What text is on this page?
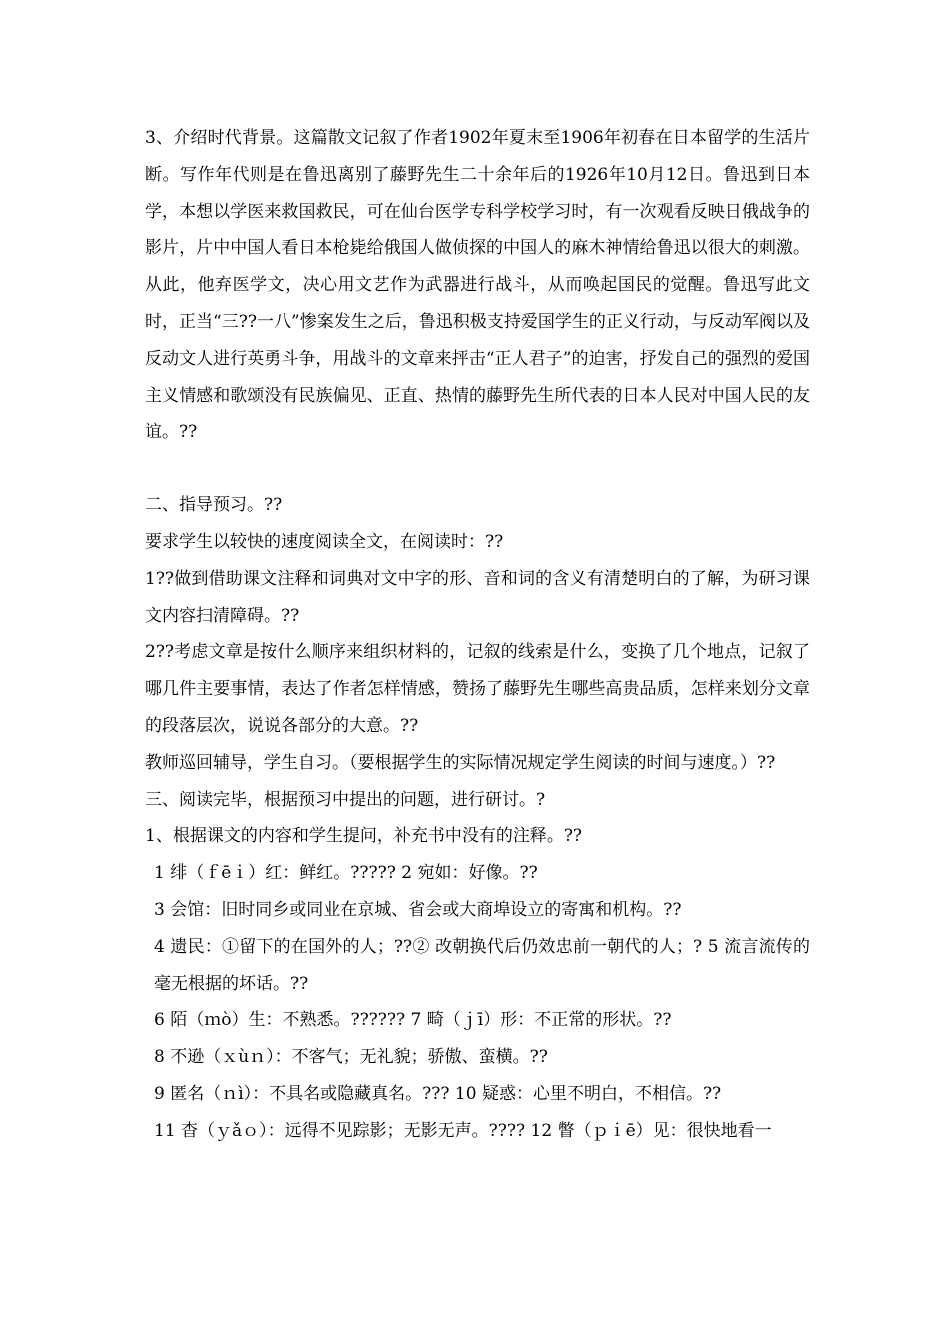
3、介绍时代背景。这篇散文记叙了作者1902年夏末至1906年初春在日本留学的生活片断。写作年代则是在鲁迅离别了藤野先生二十余年后的1926年10月12日。鲁迅到日本学，本想以学医来救国救民，可在仙台医学专科学校学习时，有一次观看反映日俄战争的影片，片中中国人看日本枪毙给俄国人做侦探的中国人的麻木神情给鲁迅以很大的刺激。从此，他弃医学文，决心用文艺作为武器进行战斗，从而唤起国民的觉醒。鲁迅写此文时，正当“三??一八”惨案发生之后，鲁迅积极支持爱国学生的正义行动，与反动军阀以及反动文人进行英勇斗争，用战斗的文章来抨击“正人君子”的迫害，抒发自己的强烈的爱国主义情感和歌颂没有民族偏见、正直、热情的藤野先生所代表的日本人民对中国人民的友谊。??

二、指导预习。??

要求学生以较快的速度阅读全文，在阅读时：??

1??做到借助课文注释和词典对文中字的形、音和词的含义有清楚明白的了解，为研习课文内容扫清障碍。??

2??考虑文章是按什么顺序来组织材料的，记叙的线索是什么，变换了几个地点，记叙了哪几件主要事情，表达了作者怎样情感，赞扬了藤野先生哪些高贵品质，怎样来划分文章的段落层次，说说各部分的大意。??

教师巡回辅导，学生自习。（要根据学生的实际情况规定学生阅读的时间与速度。）??

三、阅读完毕，根据预习中提出的问题，进行研讨。?

1、根据课文的内容和学生提问，补充书中没有的注释。??

1 绯（ｆēｉ）红：鲜红。????? 2 宛如：好像。??

3 会馆：旧时同乡或同业在京城、省会或大商埠设立的寄寓和机构。??

4 遗民：①留下的在国外的人；??② 改朝换代后仍效忠前一朝代的人；? 5 流言流传的毫无根据的坏话。??

6 陌（ｍò）生：不熟悉。?????? 7 畸（ｊī）形：不正常的形状。??

8 不逊（ｘùｎ）：不客气；无礼貌；骄傲、蛮横。??

9 匿名（ｎì）：不具名或隐藏真名。??? 10 疑惑：心里不明白，不相信。??

11 杳（ｙǎｏ）：远得不见踪影；无影无声。???? 12 瞥（ｐｉē）见：很快地看一
